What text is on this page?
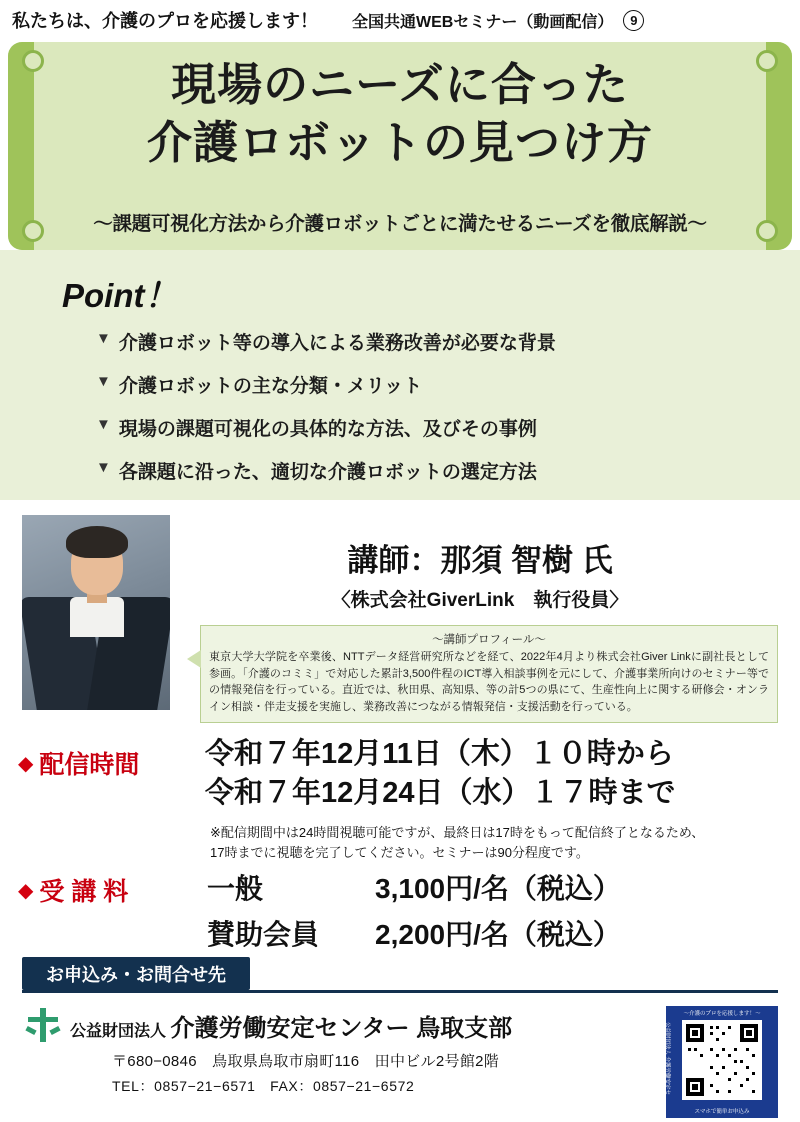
私たちは、介護のプロを応援します！ 全国共通WEBセミナー（動画配信）	9
現場のニーズに合った
介護ロボットの見つけ方
〜課題可視化方法から介護ロボットごとに満たせるニーズを徹底解説〜
Point！
▼ 介護ロボット等の導入による業務改善が必要な背景
▼ 介護ロボットの主な分類・メリット
▼ 現場の課題可視化の具体的な方法、及びその事例
▼ 各課題に沿った、適切な介護ロボットの選定方法
講師：那須 智樹 氏
〈株式会社GiverLink　執行役員〉
〜講師プロフィール〜
東京大学大学院を卒業後、NTTデータ経営研究所などを経て、2022年4月より株式会社Giver Linkに副社長として参画。「介護のコミミ」で対応した累計3,500件程のICT導入相談事例を元にして、介護事業所向けのセミナー等での情報発信を行っている。直近では、秋田県、高知県、等の計5つの県にて、生産性向上に関する研修会・オンライン相談・伴走支援を実施し、業務改善につながる情報発信・支援活動を行っている。
◆ 配信時間 令和７年12月11日（木）１０時から
令和７年12月24日（水）１７時まで
※配信期間中は24時間視聴可能ですが、最終日は17時をもって配信終了となるため、
17時までに視聴を完了してください。セミナーは90分程度です。
◆ 受 講 料	一般	3,100円/名（税込）
賛助会員	2,200円/名（税込）
お申込み・お問合せ先
公益財団法人 介護労働安定センター 鳥取支部
〒680−0846　鳥取県鳥取市扇町116　田中ビル2号館2階
TEL：0857−21−6571　FAX：0857−21−6572
〜介護のプロを応援します！〜
公益財団法人 介護労働安定センター
スマホで簡単お申込み
